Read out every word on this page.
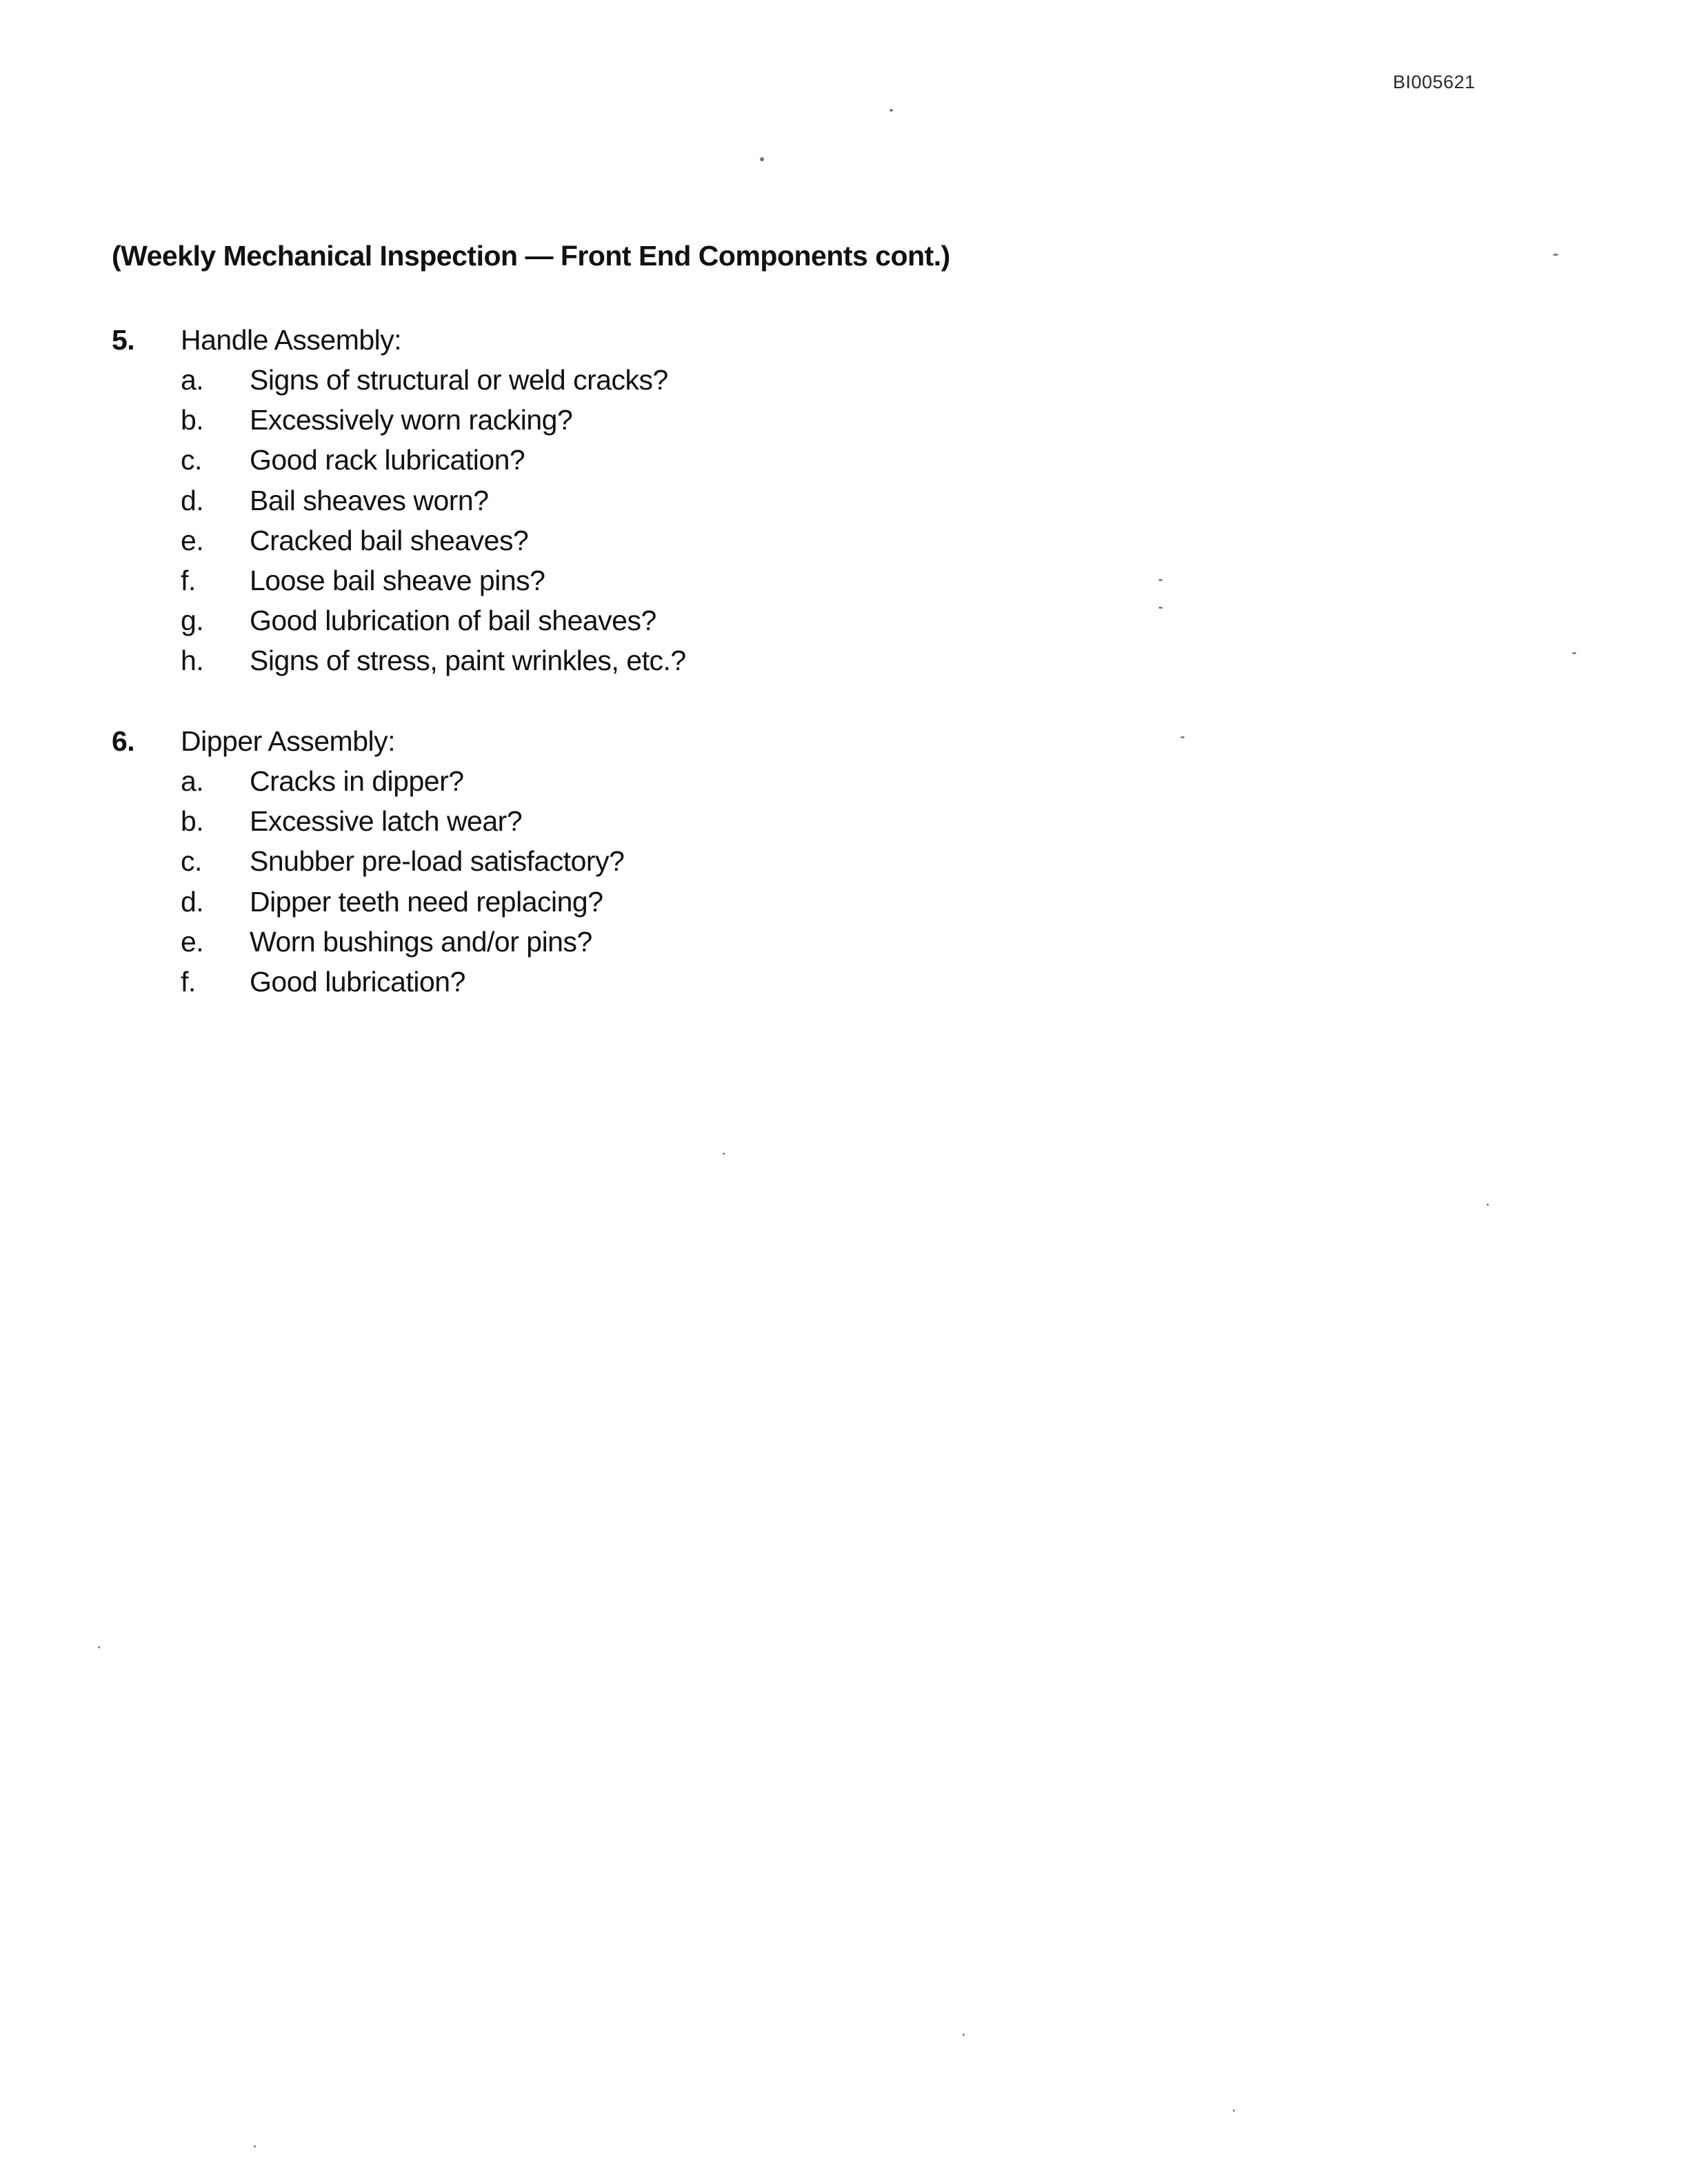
BI005621
(Weekly Mechanical Inspection — Front End Components cont.)
5. Handle Assembly:
a. Signs of structural or weld cracks?
b. Excessively worn racking?
c. Good rack lubrication?
d. Bail sheaves worn?
e. Cracked bail sheaves?
f. Loose bail sheave pins?
g. Good lubrication of bail sheaves?
h. Signs of stress, paint wrinkles, etc.?
6. Dipper Assembly:
a. Cracks in dipper?
b. Excessive latch wear?
c. Snubber pre-load satisfactory?
d. Dipper teeth need replacing?
e. Worn bushings and/or pins?
f. Good lubrication?
